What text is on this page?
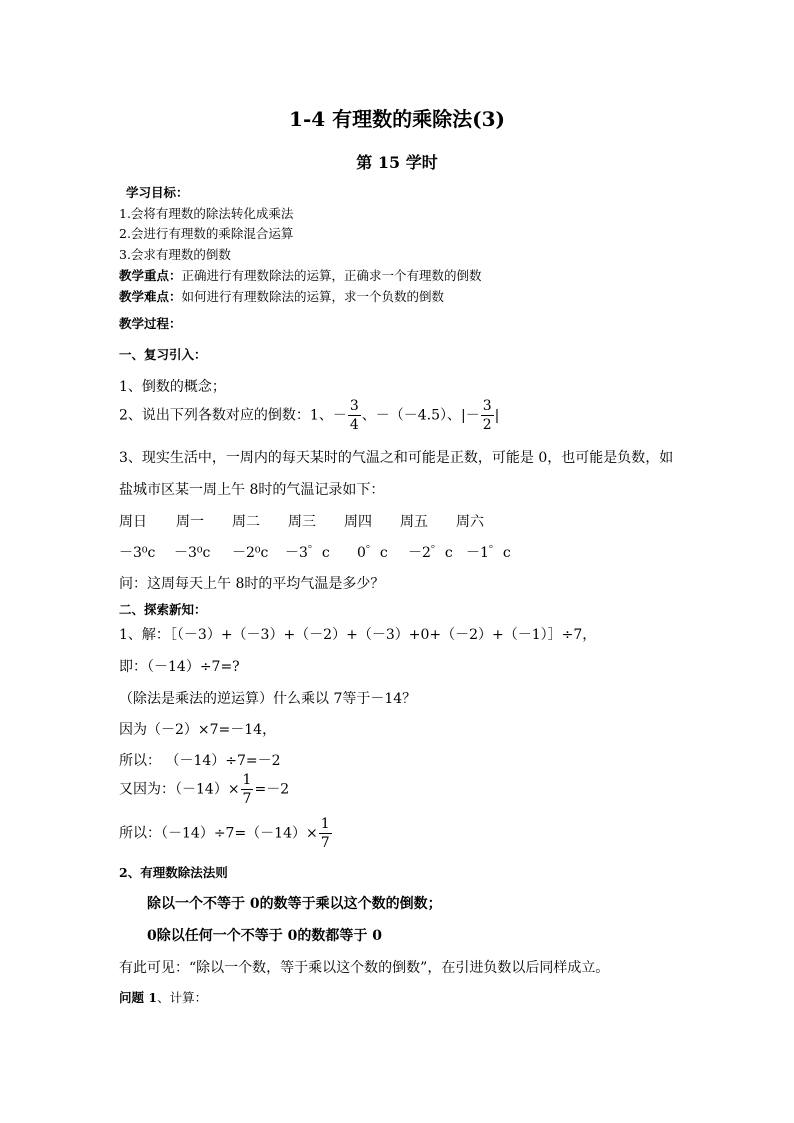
1-4 有理数的乘除法(3)
第 15 学时
学习目标：
1.会将有理数的除法转化成乘法
2.会进行有理数的乘除混合运算
3.会求有理数的倒数
教学重点：正确进行有理数除法的运算，正确求一个有理数的倒数
教学难点：如何进行有理数除法的运算，求一个负数的倒数
教学过程：
一、复习引入：
1、倒数的概念；
2、说出下列各数对应的倒数：1、－ $\frac{3}{4}$ 、－（－4.5）、|－ $\frac{3}{2}$ |
3、现实生活中，一周内的每天某时的气温之和可能是正数，可能是 0，也可能是负数，如
盐城市区某一周上午 8时的气温记录如下：
周日 周一 周二 周三 周四 周五 周六
－3⁰c －3⁰c －2⁰c －3゜c 0゜c －2゜c －1゜c
问：这周每天上午 8时的平均气温是多少？
二、探索新知：
1、解：［（－3）+（－3）+（－2）+（－3）+0+（－2）+（－1）］÷7，
即：（－14）÷7=?
（除法是乘法的逆运算）什么乘以 7等于－14？
因为（－2）×7=－14，
所以： （－14）÷7=－2
又因为：$(-14)\times \frac{1}{7} =-2$
所以：$(-14)\div 7=(-14)\times \frac{1}{7}$
2、有理数除法法则
除以一个不等于 0的数等于乘以这个数的倒数；
0除以任何一个不等于 0的数都等于 0
有此可见：“除以一个数，等于乘以这个数的倒数”，在引进负数以后同样成立。
问题 1、计算：
